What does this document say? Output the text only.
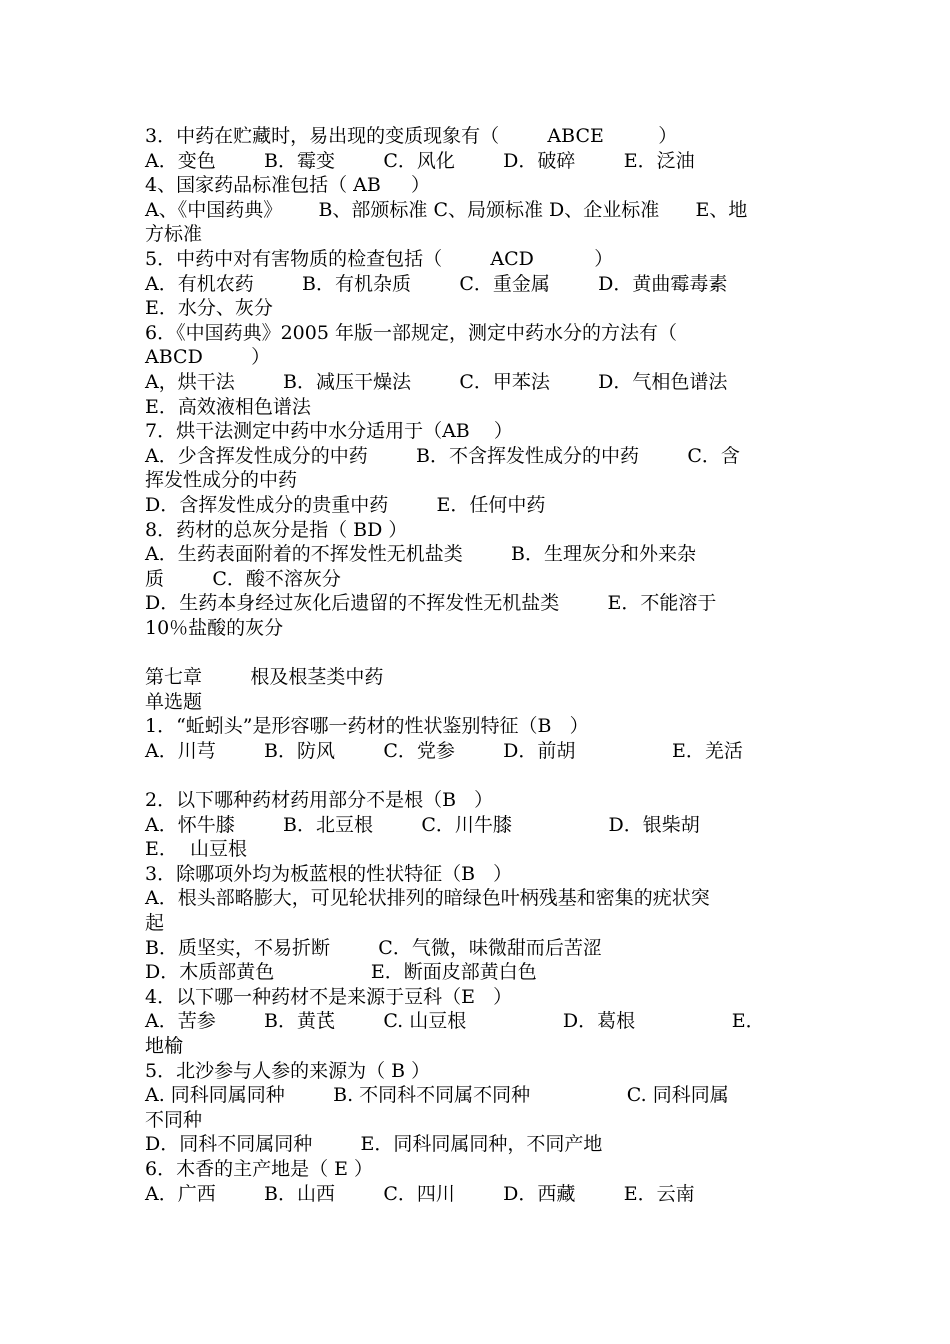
3．中药在贮藏时，易出现的变质现象有（        ABCE         ）
A．变色        B．霉变        C．风化        D．破碎        E．泛油
4、国家药品标准包括（ AB     ）
A、《中国药典》      B、部颁标准 C、局颁标准 D、企业标准      E、地
方标准
5．中药中对有害物质的检查包括（        ACD          ）
A．有机农药        B．有机杂质        C．重金属        D．黄曲霉毒素
E．水分、灰分
6．《中国药典》2005 年版一部规定，测定中药水分的方法有（
ABCD        ）
A，烘干法        B．减压干燥法        C．甲苯法        D．气相色谱法
E．高效液相色谱法
7．烘干法测定中药中水分适用于（AB    ）
A．少含挥发性成分的中药        B．不含挥发性成分的中药        C．含
挥发性成分的中药
D．含挥发性成分的贵重中药        E．任何中药
8．药材的总灰分是指（ BD ）
A．生药表面附着的不挥发性无机盐类        B．生理灰分和外来杂
质        C．酸不溶灰分
D．生药本身经过灰化后遗留的不挥发性无机盐类        E．不能溶于
10％盐酸的灰分
第七章        根及根茎类中药
单选题
1．“蚯蚓头”是形容哪一药材的性状鉴别特征（B   ）
A．川芎        B．防风        C．党参        D．前胡                E．羌活
2．以下哪种药材药用部分不是根（B   ）
A．怀牛膝        B．北豆根        C．川牛膝                D．银柴胡
E．  山豆根
3．除哪项外均为板蓝根的性状特征（B   ）
A．根头部略膨大，可见轮状排列的暗绿色叶柄残基和密集的疣状突
起
B．质坚实，不易折断        C．气微，味微甜而后苦涩
D．木质部黄色                E．断面皮部黄白色
4．以下哪一种药材不是来源于豆科（E   ）
A．苦参        B．黄芪        C. 山豆根                D．葛根                E．
地榆
5．北沙参与人参的来源为（ B ）
A. 同科同属同种        B. 不同科不同属不同种                C. 同科同属
不同种
D．同科不同属同种        E．同科同属同种，不同产地
6．木香的主产地是（ E ）
A．广西        B．山西        C．四川        D．西藏        E．云南
